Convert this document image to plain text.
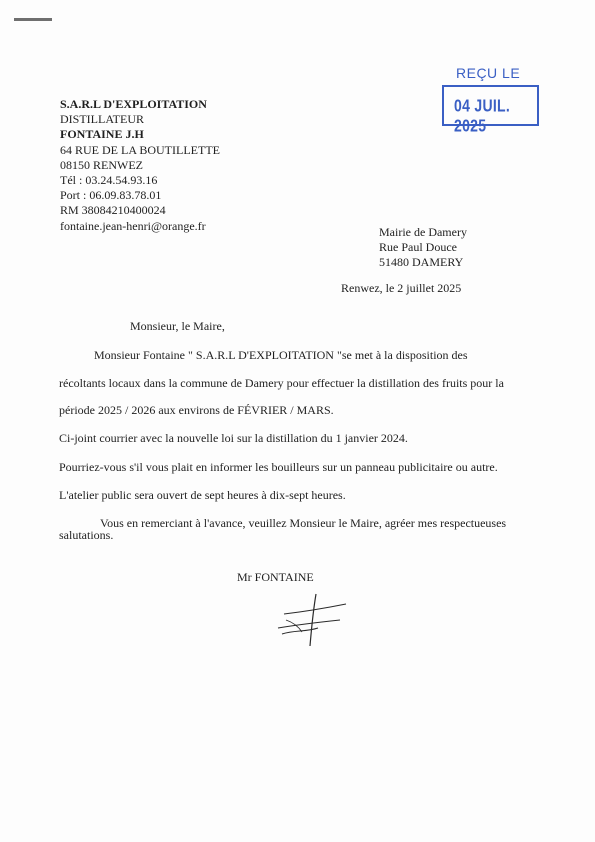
S.A.R.L D'EXPLOITATION
DISTILLATEUR
FONTAINE J.H
64 RUE DE LA BOUTILLETTE
08150 RENWEZ
Tél : 03.24.54.93.16
Port : 06.09.83.78.01
RM 38084210400024
fontaine.jean-henri@orange.fr
REÇU LE
04 JUIL. 2025
Mairie de Damery
Rue Paul Douce
51480 DAMERY
Renwez, le 2 juillet 2025
Monsieur, le Maire,
Monsieur Fontaine " S.A.R.L D'EXPLOITATION "se met à la disposition des
récoltants locaux dans la commune de Damery pour effectuer la distillation des fruits pour la
période 2025 / 2026 aux environs de FÉVRIER / MARS.
Ci-joint courrier avec la nouvelle loi sur la distillation du 1 janvier 2024.
Pourriez-vous s'il vous plait en informer les bouilleurs sur un panneau publicitaire ou autre.
L'atelier public sera ouvert de sept heures à dix-sept heures.
Vous en remerciant à l'avance, veuillez Monsieur le Maire, agréer mes respectueuses
salutations.
Mr FONTAINE
